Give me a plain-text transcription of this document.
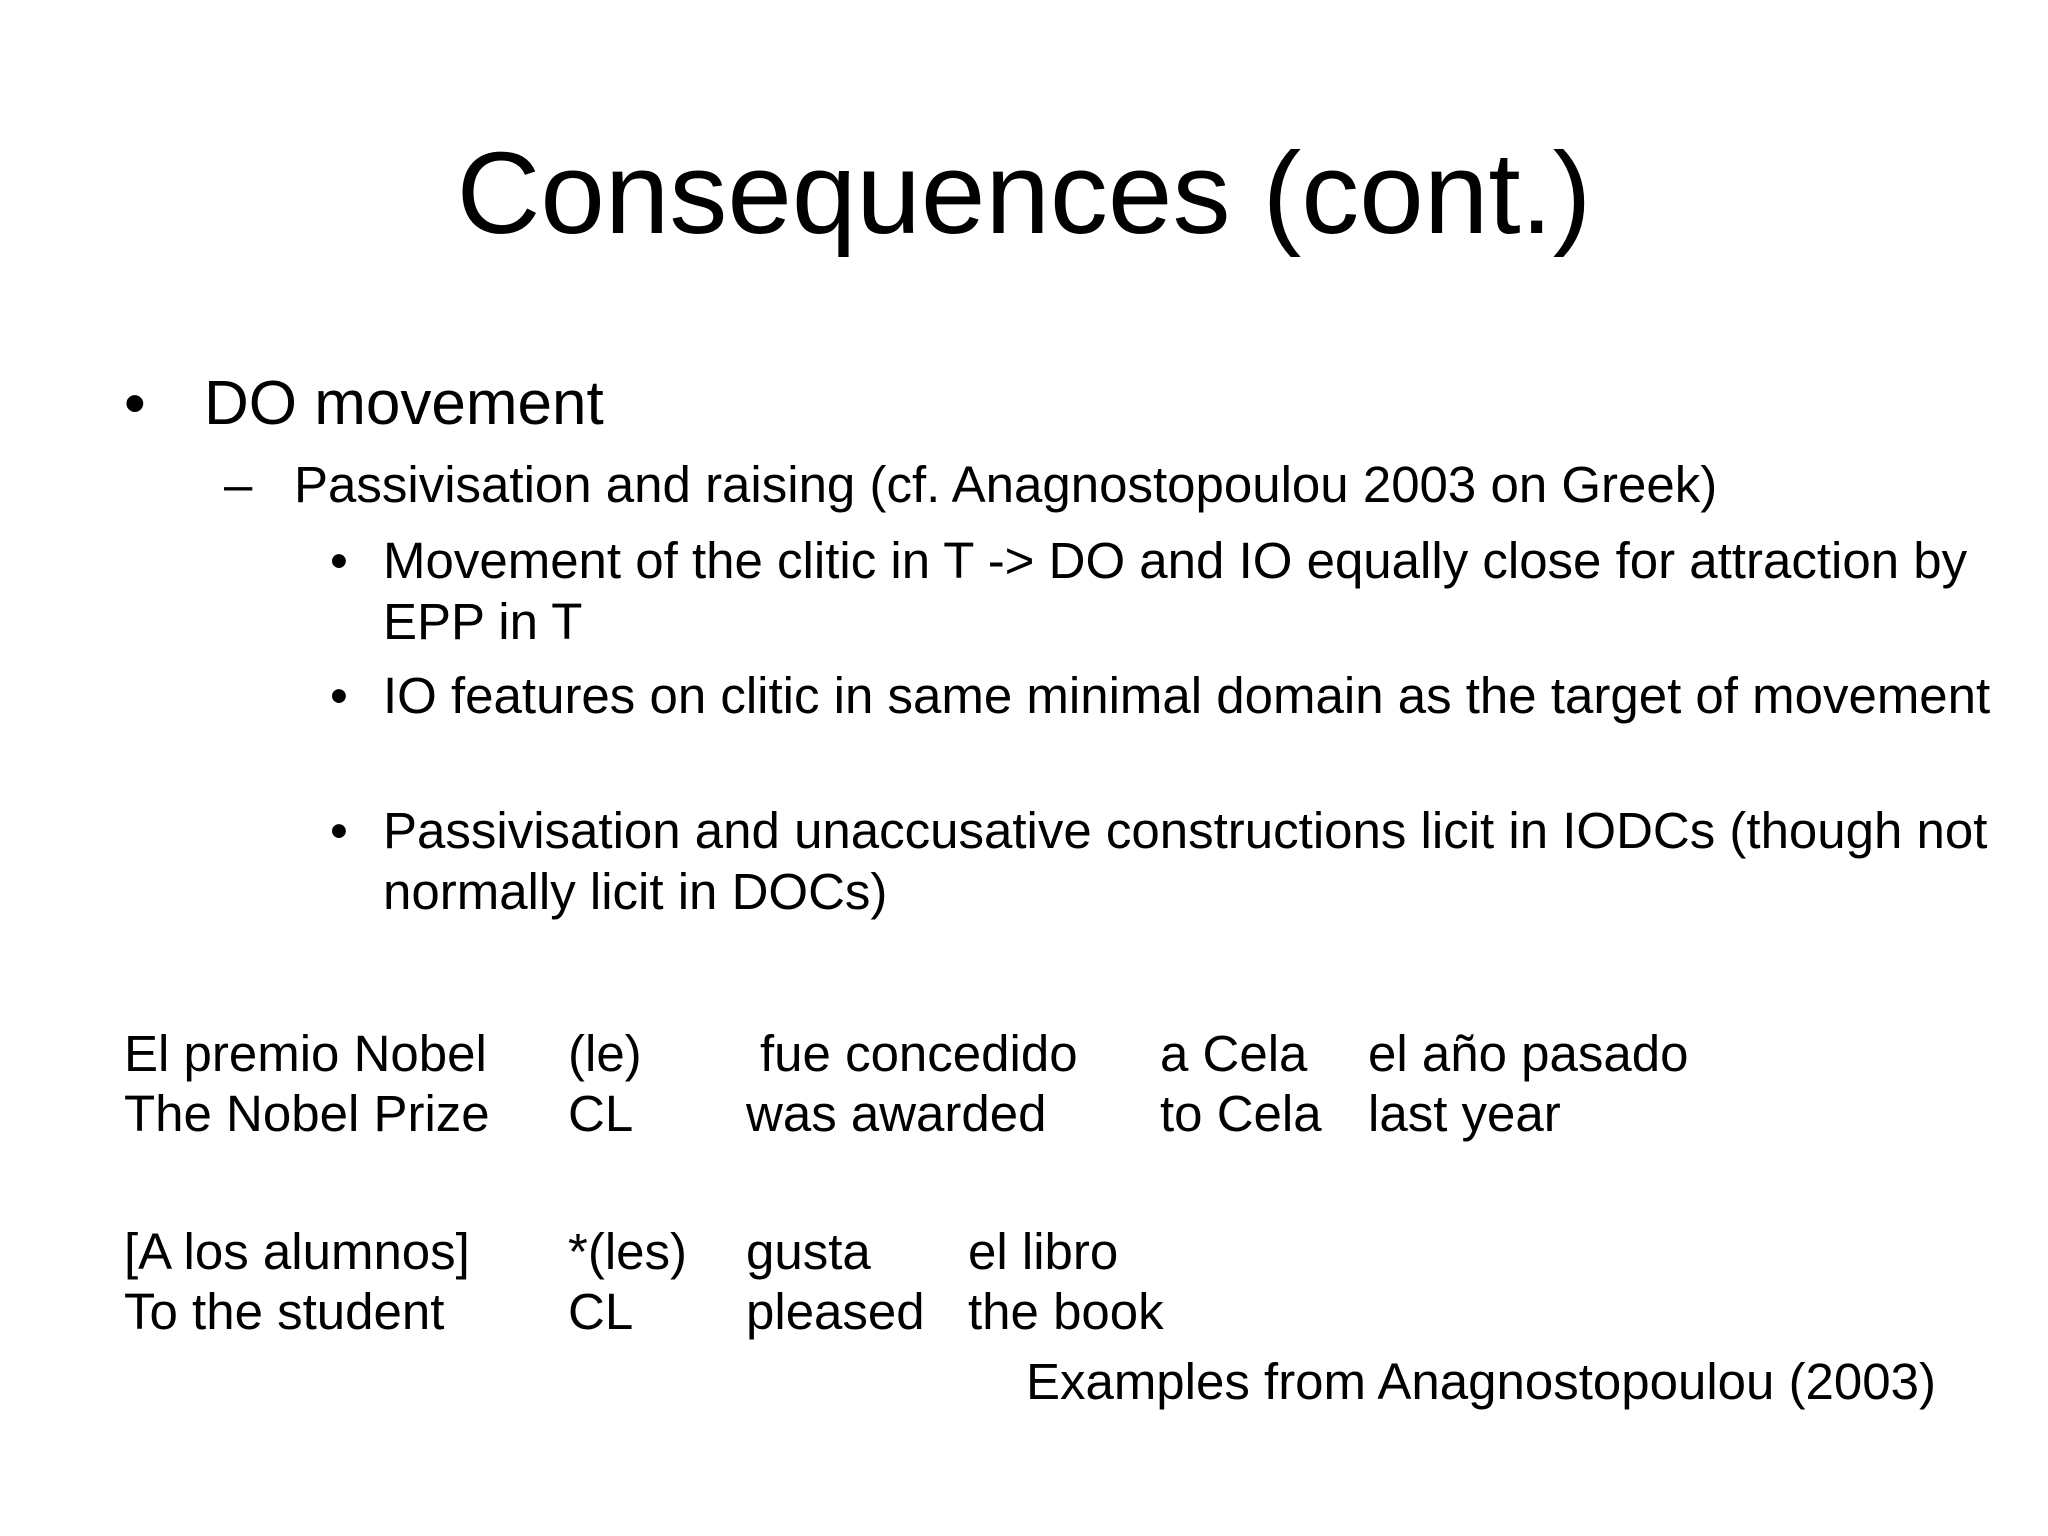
Consequences (cont.)
• DO movement
– Passivisation and raising (cf. Anagnostopoulou 2003 on Greek)
• Movement of the clitic in T -> DO and IO equally close for attraction by EPP in T
• IO features on clitic in same minimal domain as the target of movement
• Passivisation and unaccusative constructions licit in IODCs (though not normally licit in DOCs)
El premio Nobel (le) fue concedido a Cela el año pasado
The Nobel Prize CL was awarded to Cela last year
[A los alumnos] *(les) gusta el libro
To the student CL pleased the book
Examples from Anagnostopoulou (2003)
